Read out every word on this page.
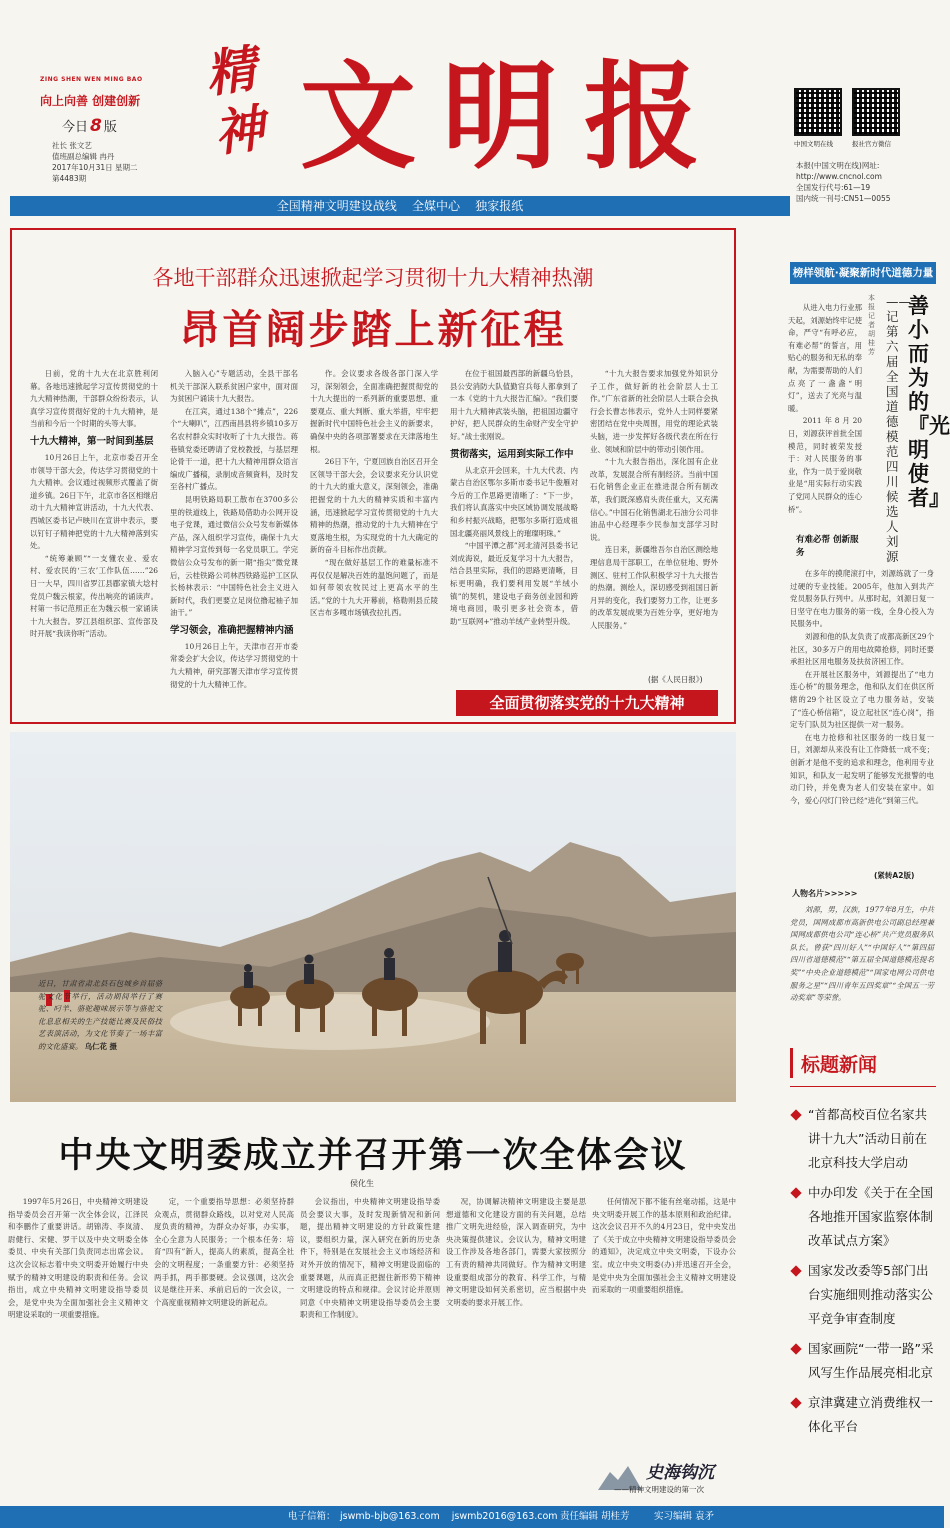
ZING SHEN WEN MING BAO
向上向善 创建创新
今日 8 版
社长 张文艺
值班副总编辑 冉丹
2017年10月31日 星期二
第4483期
精神 文明报	中国文明在线	报社官方微信
本报(中国文明在线)网址:
http://www.cncnol.com
全国发行代号:61—19
国内统一刊号:CN51—0055
全国精神文明建设战线    全媒中心    独家报纸
各地干部群众迅速掀起学习贯彻十九大精神热潮
昂首阔步踏上新征程

日前，党的十九大在北京胜利闭幕。各地迅速掀起学习宣传贯彻党的十九大精神热潮，干部群众纷纷表示，认真学习宣传贯彻好党的十九大精神，是当前和今后一个时期的头等大事。

十九大精神，第一时间到基层

10月26日上午，北京市委召开全市领导干部大会，传达学习贯彻党的十九大精神。会议通过视频形式覆盖了街道乡镇。26日下午，北京市各区相继启动十九大精神宣讲活动，十九大代表、西城区委书记卢映川在宣讲中表示，要以钉钉子精神把党的十九大精神落到实处。

“统筹兼顾”“一支懂农业、爱农村、爱农民的‘三农’工作队伍……”26日一大早，四川省罗江县郿家镇大埝村党员户魏云根家，传出响亮的诵读声。村第一书记范照正在为魏云根一家诵读十九大报告。罗江县组织部、宣传部及时开展“我读你听”活动。

入脑入心”专题活动，全县干部名机关干部深入联系贫困户家中，面对面为贫困户诵读十九大报告。

在江宾，通过138个“摊点”，226个“大喇叭”，江西南昌县将乡镇10多万名农村群众实时收听了十九大报告。蒋巷镇党委还聘请了党校教授，与基层理论骨干一道，把十九大精神用群众语言编成广播稿，录制成音频資料，及时发至各村广播点。

昆明铁路局职工散布在3700多公里的铁道线上，铁路局借助办公网开设电子党课，通过微信公众号发布新媒体产品，深入组织学习宣传，确保十九大精神学习宣传到每一名党员职工。学完微信公众号发布的新一期“指尖”微党课后，云桂铁路公司林西铁路巡护工区队长杨林表示：“中国特色社会主义进入新时代，我们更要立足岗位撸起袖子加油干。”

学习领会，准确把握精神内涵

10月26日上午，天津市召开市委常委会扩大会议，传达学习贯彻党的十九大精神，研究部署天津市学习宣传贯彻党的十九大精神工作。

作。会议要求各级各部门深入学习，深刻领会，全面准确把握贯彻党的十九大提出的一系列新的重要思想、重要观点、重大判断、重大举措，牢牢把握新时代中国特色社会主义的新要求，确保中央的各项部署要求在天津落地生根。

26日下午，宁夏回族自治区召开全区领导干部大会，会议要求充分认识党的十九大的重大意义，深刻领会，准确把握党的十九大的精神实质和丰富内涵，迅速掀起学习宣传贯彻党的十九大精神的热潮，推动党的十九大精神在宁夏落地生根，为实现党的十九大确定的新的奋斗目标作出贡献。

“现在做好基层工作的难量标准不再仅仅是解决百姓的温饱问题了，而是如何带领农牧民过上更高水平的生活。”党的十九大开幕前，格勒则县丘陵区吉布多嘎市场镇孜拉扎西。

在位于祖国最西部的新疆乌恰县，县公安消防大队值勤官兵每人都拿到了一本《党的十九大报告汇编》。“我们要用十九大精神武装头脑，把祖国边疆守护好，把人民群众的生命财产安全守护好。”战士张刚说。

贯彻落实，运用到实际工作中

从北京开会回来，十九大代表、内蒙古自治区鄂尔多斯市委书记牛俊雁对今后的工作思路更清晰了：“下一步，我们将认真落实中央区域协调发展战略和乡村振兴战略，把鄂尔多斯打造成祖国北疆亮丽风景线上的璀璨明珠。”

“中国平潭之都”河北清河县委书记刘成海说，最近反复学习十九大报告，结合县里实际，我们的思路更清晰，目标更明确，我们要利用发展“羊绒小镇”的契机，建设电子商务创业园和跨境电商园，吸引更多社会资本，借助“互联网+”推动羊绒产业转型升级。

“十九大报告要求加强党外知识分子工作，做好新的社会阶层人士工作。”广东省新的社会阶层人士联合会执行会长曹志伟表示，党外人士同样要紧密团结在党中央周围，用党的理论武装头脑，进一步发挥好各级代表在所在行业、领域和阶层中的带动引领作用。

“十九大报告指出，深化国有企业改革，发展混合所有制经济。当前中国石化销售企业正在推进混合所有制改革，我们既深感肩头责任重大，又充满信心。”中国石化销售湖北石油分公司非油品中心经理李少民参加支部学习时说。

连日来，新疆维吾尔自治区测绘地理信息局干部职工，在单位驻地、野外测区、驻村工作队积极学习十九大报告的热潮。测绘人，深切感受到祖国日新月异的变化，我们要努力工作，让更多的改革发展成果为百姓分享，更好地为人民服务。”

(据《人民日报》)
全面贯彻落实党的十九大精神
近日，甘肃省肃北县石包城乡首届骆驼文化节举行，活动期间举行了赛驼、叼羊、骆驼趣味展示等与骆驼文化息息相关的生产技能比赛及民俗技艺表演活动，为文化节奏了一场丰富的文化盛宴。 乌仁花 摄
中央文明委成立并召开第一次全体会议
侯化生

1997年5月26日，中央精神文明建设指导委员会召开第一次全体会议，江泽民和李鹏作了重要讲话。胡锦涛、李岚清、尉健行、宋健、罗干以及中央文明委全体委员、中央有关部门负责同志出席会议。这次会议标志着中央文明委开始履行中央赋予的精神文明建设的职责和任务。会议指出，成立中央精神文明建设指导委员会，是党中央为全面加强社会主义精神文明建设采取的一项重要措施。

定，一个重要指导思想：必须坚持群众观点，贯彻群众路线，以对党对人民高度负责的精神，为群众办好事，办实事，全心全意为人民服务；一个根本任务：培育“四有”新人，提高人的素质，提高全社会的文明程度；一条重要方针：必须坚持两手抓，两手都要硬。会议强调，这次会议是继往开来、承前启后的一次会议，一个高度重视精神文明建设的新起点。

会议指出，中央精神文明建设指导委员会要议大事，及时发现新情况和新问题，提出精神文明建设的方针政策性建议，要组织力量，深入研究在新的历史条件下，特别是在发展社会主义市场经济和对外开放的情况下，精神文明建设面临的重要课题，从而真正把握住新形势下精神文明建设的特点和规律。会议讨论并原则同意《中央精神文明建设指导委员会主要职责和工作制度》。

况，协调解决精神文明建设主要是思想道德和文化建设方面的有关问题，总结推广文明先进经验，深入调查研究，为中央决策提供建议。会议认为，精神文明建设工作涉及各地各部门，需要大家按照分工有责的精神共同做好。作为精神文明建设重要组成部分的教育、科学工作，与精神文明建设如何关系密切，应当根据中央文明委的要求开展工作。

任何情况下都不能有丝毫动摇，这是中央文明委开展工作的基本原则和政治纪律。这次会议召开不久的4月23日，党中央发出了《关于成立中央精神文明建设指导委员会的通知》，决定成立中央文明委，下设办公室。成立中央文明委(办)并迅速召开全会，是党中央为全面加强社会主义精神文明建设而采取的一项重要组织措施。

史海钩沉
——精神文明建设的第一次
榜样领航·凝聚新时代道德力量
善小而为的『光明使者』
——记第六届全国道德模范四川候选人刘源
本报记者 胡桂芳

从进入电力行业那天起，刘源始终牢记使命，严守“有呼必应，有难必帮”的誓言，用贴心的服务和无私的奉献，为需要帮助的人们点亮了一盏盏“明灯”，送去了光亮与温暖。

2011年8月20日，刘源获评首批全国模范，同时被荣发授于：对人民服务的事业，作为一员于爱岗敬业是“用实际行动实践了党同人民群众的连心桥”。

有难必帮 创新服务

在多年的摸爬滚打中，刘源练就了一身过硬的专业技能。2005年，他加入到共产党员服务队行列中。从那时起，刘源日复一日坚守在电力服务的第一线，全身心投入为民服务中。

刘源和他的队友负责了成都高新区29个社区，30多万户的用电故障抢修，同时还要承担社区用电服务及扶贫济困工作。

在开展社区服务中，刘源提出了“电力连心桥”的服务理念，他和队友们在供区所辖的29个社区设立了电力服务站，安装了“连心桥信箱”，设立起社区“连心岗”，指定专门队员为社区提供一对一服务。

在电力抢修和社区服务的一线日复一日，刘源却从来没有让工作降低一成不变；创新才是他不变的追求和理念，他利用专业知识，和队友一起发明了能够发光报警的电动门铃，并免费为老人们安装在家中。如今，爱心闪灯门铃已经“进化”到第三代。

(紧转A2版)
人物名片>>>>>

刘源，男，汉族，1977年8月生，中共党员，国网成都市高新供电公司副总经理兼国网成都供电公司“连心桥”共产党员服务队队长。曾获“四川好人”“中国好人”“第四届四川省道德模范”“第五届全国道德模范提名奖”“中央企业道德模范”“国家电网公司供电服务之星”“四川青年五四奖章”“全国五一劳动奖章”等荣誉。

标题新闻
“首都高校百位名家共讲十九大”活动日前在北京科技大学启动
中办印发《关于在全国各地推开国家监察体制改革试点方案》
国家发改委等5部门出台实施细则推动落实公平竞争审查制度
国家画院“一带一路”采风写生作品展亮相北京
京津冀建立消费维权一体化平台
电子信箱： jswmb-bjb@163.com    jswmb2016@163.com 责任编辑 胡桂芳	实习编辑 袁矛
